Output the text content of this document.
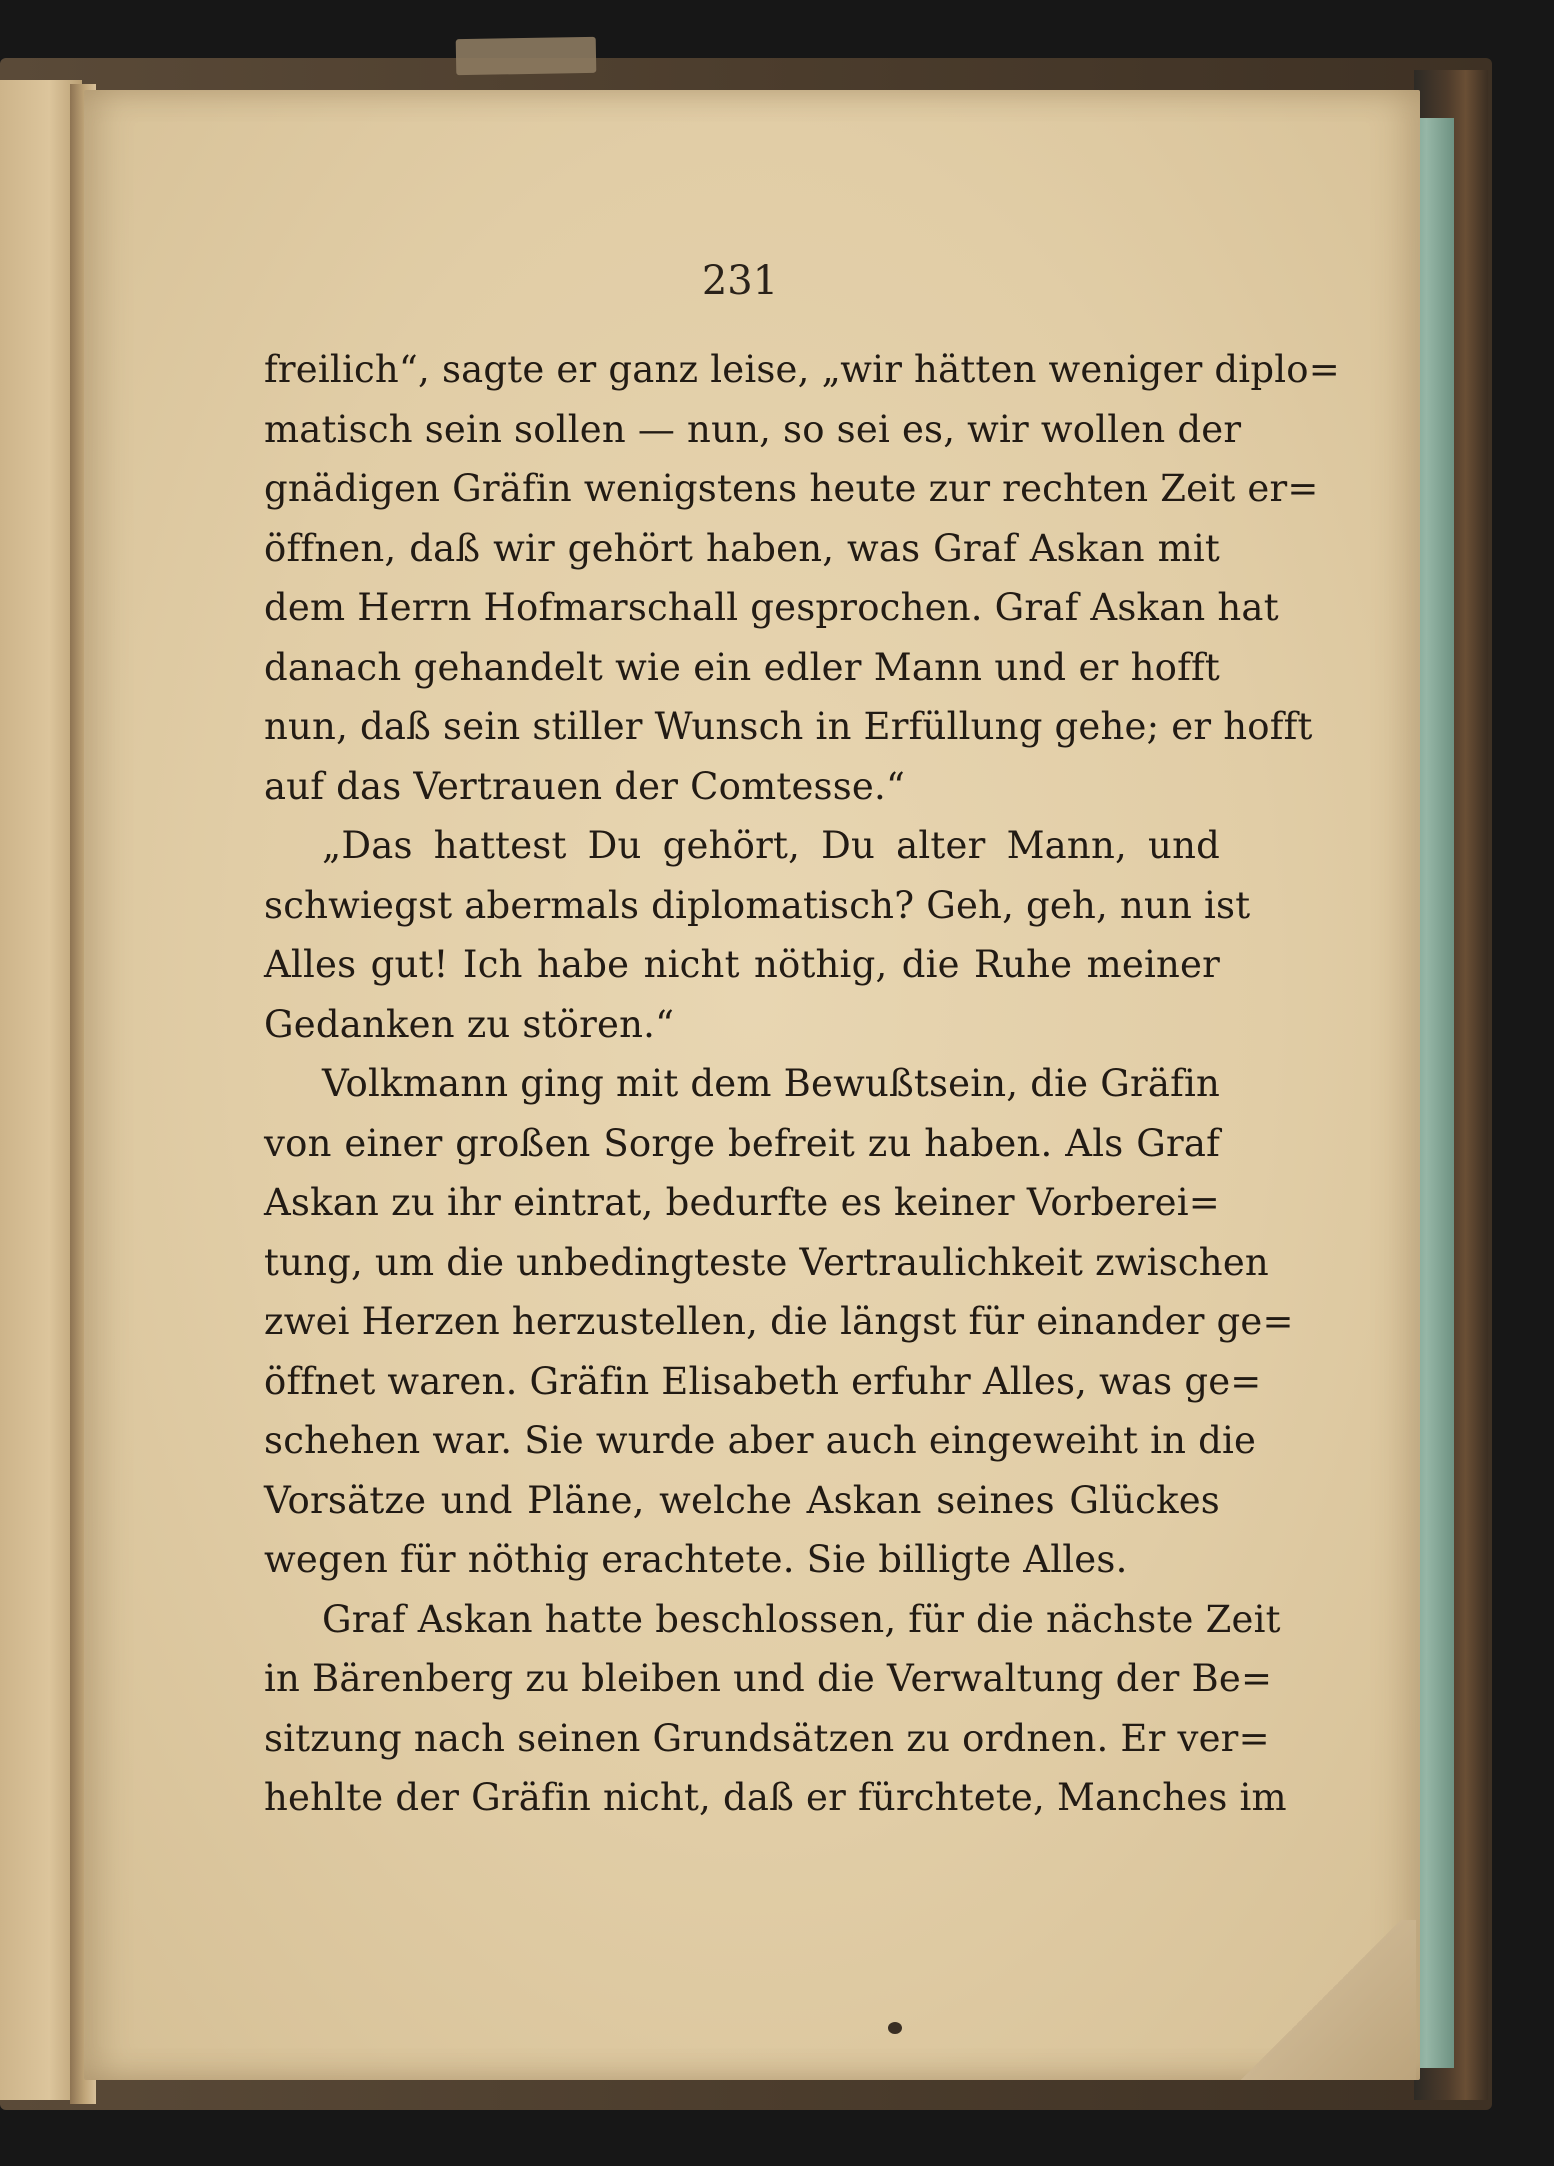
231
freilich“, sagte er ganz leise, „wir hätten weniger diplo=
matisch sein sollen — nun, so sei es, wir wollen der
gnädigen Gräfin wenigstens heute zur rechten Zeit er=
öffnen, daß wir gehört haben, was Graf Askan mit
dem Herrn Hofmarschall gesprochen. Graf Askan hat
danach gehandelt wie ein edler Mann und er hofft
nun, daß sein stiller Wunsch in Erfüllung gehe; er hofft
auf das Vertrauen der Comtesse.“
„Das hattest Du gehört, Du alter Mann, und
schwiegst abermals diplomatisch? Geh, geh, nun ist
Alles gut! Ich habe nicht nöthig, die Ruhe meiner
Gedanken zu stören.“
Volkmann ging mit dem Bewußtsein, die Gräfin
von einer großen Sorge befreit zu haben. Als Graf
Askan zu ihr eintrat, bedurfte es keiner Vorberei=
tung, um die unbedingteste Vertraulichkeit zwischen
zwei Herzen herzustellen, die längst für einander ge=
öffnet waren. Gräfin Elisabeth erfuhr Alles, was ge=
schehen war. Sie wurde aber auch eingeweiht in die
Vorsätze und Pläne, welche Askan seines Glückes
wegen für nöthig erachtete. Sie billigte Alles.
Graf Askan hatte beschlossen, für die nächste Zeit
in Bärenberg zu bleiben und die Verwaltung der Be=
sitzung nach seinen Grundsätzen zu ordnen. Er ver=
hehlte der Gräfin nicht, daß er fürchtete, Manches im
